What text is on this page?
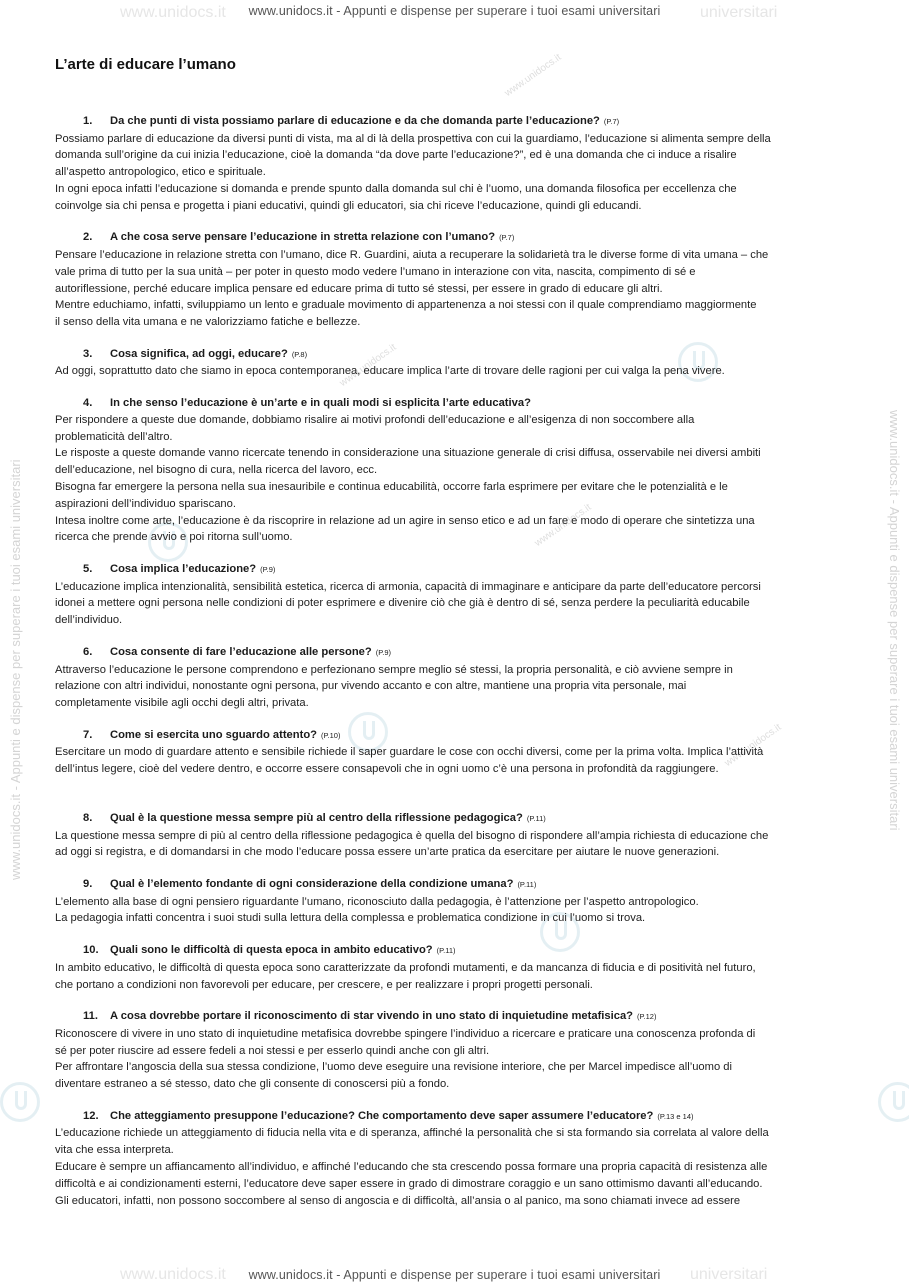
www.unidocs.it	universitari
www.unidocs.it - Appunti e dispense per superare i tuoi esami universitari
www.unidocs.it - Appunti e dispense per superare i tuoi esami universitari	www.unidocs.it - Appunti e dispense per superare i tuoi esami universitari
www.unidocs.it
www.unidocs.it
www.unidocs.it
www.unidocs.it
L’arte di educare l’umano
1. Da che punti di vista possiamo parlare di educazione e da che domanda parte l’educazione? (P.7)

Possiamo parlare di educazione da diversi punti di vista, ma al di là della prospettiva con cui la guardiamo, l’educazione si alimenta sempre della

domanda sull’origine da cui inizia l’educazione, cioè la domanda “da dove parte l’educazione?”, ed è una domanda che ci induce a risalire

all’aspetto antropologico, etico e spirituale.

In ogni epoca infatti l’educazione si domanda e prende spunto dalla domanda sul chi è l’uomo, una domanda filosofica per eccellenza che

coinvolge sia chi pensa e progetta i piani educativi, quindi gli educatori, sia chi riceve l’educazione, quindi gli educandi.

2. A che cosa serve pensare l’educazione in stretta relazione con l’umano? (P.7)

Pensare l’educazione in relazione stretta con l’umano, dice R. Guardini, aiuta a recuperare la solidarietà tra le diverse forme di vita umana – che

vale prima di tutto per la sua unità – per poter in questo modo vedere l’umano in interazione con vita, nascita, compimento di sé e

autoriflessione, perché educare implica pensare ed educare prima di tutto sé stessi, per essere in grado di educare gli altri.

Mentre educhiamo, infatti, sviluppiamo un lento e graduale movimento di appartenenza a noi stessi con il quale comprendiamo maggiormente

il senso della vita umana e ne valorizziamo fatiche e bellezze.

3. Cosa significa, ad oggi, educare? (P.8)

Ad oggi, soprattutto dato che siamo in epoca contemporanea, educare implica l’arte di trovare delle ragioni per cui valga la pena vivere.

4. In che senso l’educazione è un’arte e in quali modi si esplicita l’arte educativa?

Per rispondere a queste due domande, dobbiamo risalire ai motivi profondi dell’educazione e all’esigenza di non soccombere alla

problematicità dell’altro.

Le risposte a queste domande vanno ricercate tenendo in considerazione una situazione generale di crisi diffusa, osservabile nei diversi ambiti

dell’educazione, nel bisogno di cura, nella ricerca del lavoro, ecc.

Bisogna far emergere la persona nella sua inesauribile e continua educabilità, occorre farla esprimere per evitare che le potenzialità e le

aspirazioni dell’individuo spariscano.

Intesa inoltre come arte, l’educazione è da riscoprire in relazione ad un agire in senso etico e ad un fare e modo di operare che sintetizza una

ricerca che prende avvio e poi ritorna sull’uomo.

5. Cosa implica l’educazione? (P.9)

L’educazione implica intenzionalità, sensibilità estetica, ricerca di armonia, capacità di immaginare e anticipare da parte dell’educatore percorsi

idonei a mettere ogni persona nelle condizioni di poter esprimere e divenire ciò che già è dentro di sé, senza perdere la peculiarità educabile

dell’individuo.

6. Cosa consente di fare l’educazione alle persone? (P.9)

Attraverso l’educazione le persone comprendono e perfezionano sempre meglio sé stessi, la propria personalità, e ciò avviene sempre in

relazione con altri individui, nonostante ogni persona, pur vivendo accanto e con altre, mantiene una propria vita personale, mai

completamente visibile agli occhi degli altri, privata.

7. Come si esercita uno sguardo attento? (P.10)

Esercitare un modo di guardare attento e sensibile richiede il saper guardare le cose con occhi diversi, come per la prima volta. Implica l’attività

dell’intus legere, cioè del vedere dentro, e occorre essere consapevoli che in ogni uomo c’è una persona in profondità da raggiungere.

8. Qual è la questione messa sempre più al centro della riflessione pedagogica? (P.11)

La questione messa sempre di più al centro della riflessione pedagogica è quella del bisogno di rispondere all’ampia richiesta di educazione che

ad oggi si registra, e di domandarsi in che modo l’educare possa essere un’arte pratica da esercitare per aiutare le nuove generazioni.

9. Qual è l’elemento fondante di ogni considerazione della condizione umana? (P.11)

L’elemento alla base di ogni pensiero riguardante l’umano, riconosciuto dalla pedagogia, è l’attenzione per l’aspetto antropologico.

La pedagogia infatti concentra i suoi studi sulla lettura della complessa e problematica condizione in cui l’uomo si trova.

10. Quali sono le difficoltà di questa epoca in ambito educativo? (P.11)

In ambito educativo, le difficoltà di questa epoca sono caratterizzate da profondi mutamenti, e da mancanza di fiducia e di positività nel futuro,

che portano a condizioni non favorevoli per educare, per crescere, e per realizzare i propri progetti personali.

11. A cosa dovrebbe portare il riconoscimento di star vivendo in uno stato di inquietudine metafisica? (P.12)

Riconoscere di vivere in uno stato di inquietudine metafisica dovrebbe spingere l’individuo a ricercare e praticare una conoscenza profonda di

sé per poter riuscire ad essere fedeli a noi stessi e per esserlo quindi anche con gli altri.

Per affrontare l’angoscia della sua stessa condizione, l’uomo deve eseguire una revisione interiore, che per Marcel impedisce all’uomo di

diventare estraneo a sé stesso, dato che gli consente di conoscersi più a fondo.

12. Che atteggiamento presuppone l’educazione? Che comportamento deve saper assumere l’educatore? (P.13 e 14)

L’educazione richiede un atteggiamento di fiducia nella vita e di speranza, affinché la personalità che si sta formando sia correlata al valore della

vita che essa interpreta.

Educare è sempre un affiancamento all’individuo, e affinché l’educando che sta crescendo possa formare una propria capacità di resistenza alle

difficoltà e ai condizionamenti esterni, l’educatore deve saper essere in grado di dimostrare coraggio e un sano ottimismo davanti all’educando.

Gli educatori, infatti, non possono soccombere al senso di angoscia e di difficoltà, all’ansia o al panico, ma sono chiamati invece ad essere

www.unidocs.it	universitari
www.unidocs.it - Appunti e dispense per superare i tuoi esami universitari
